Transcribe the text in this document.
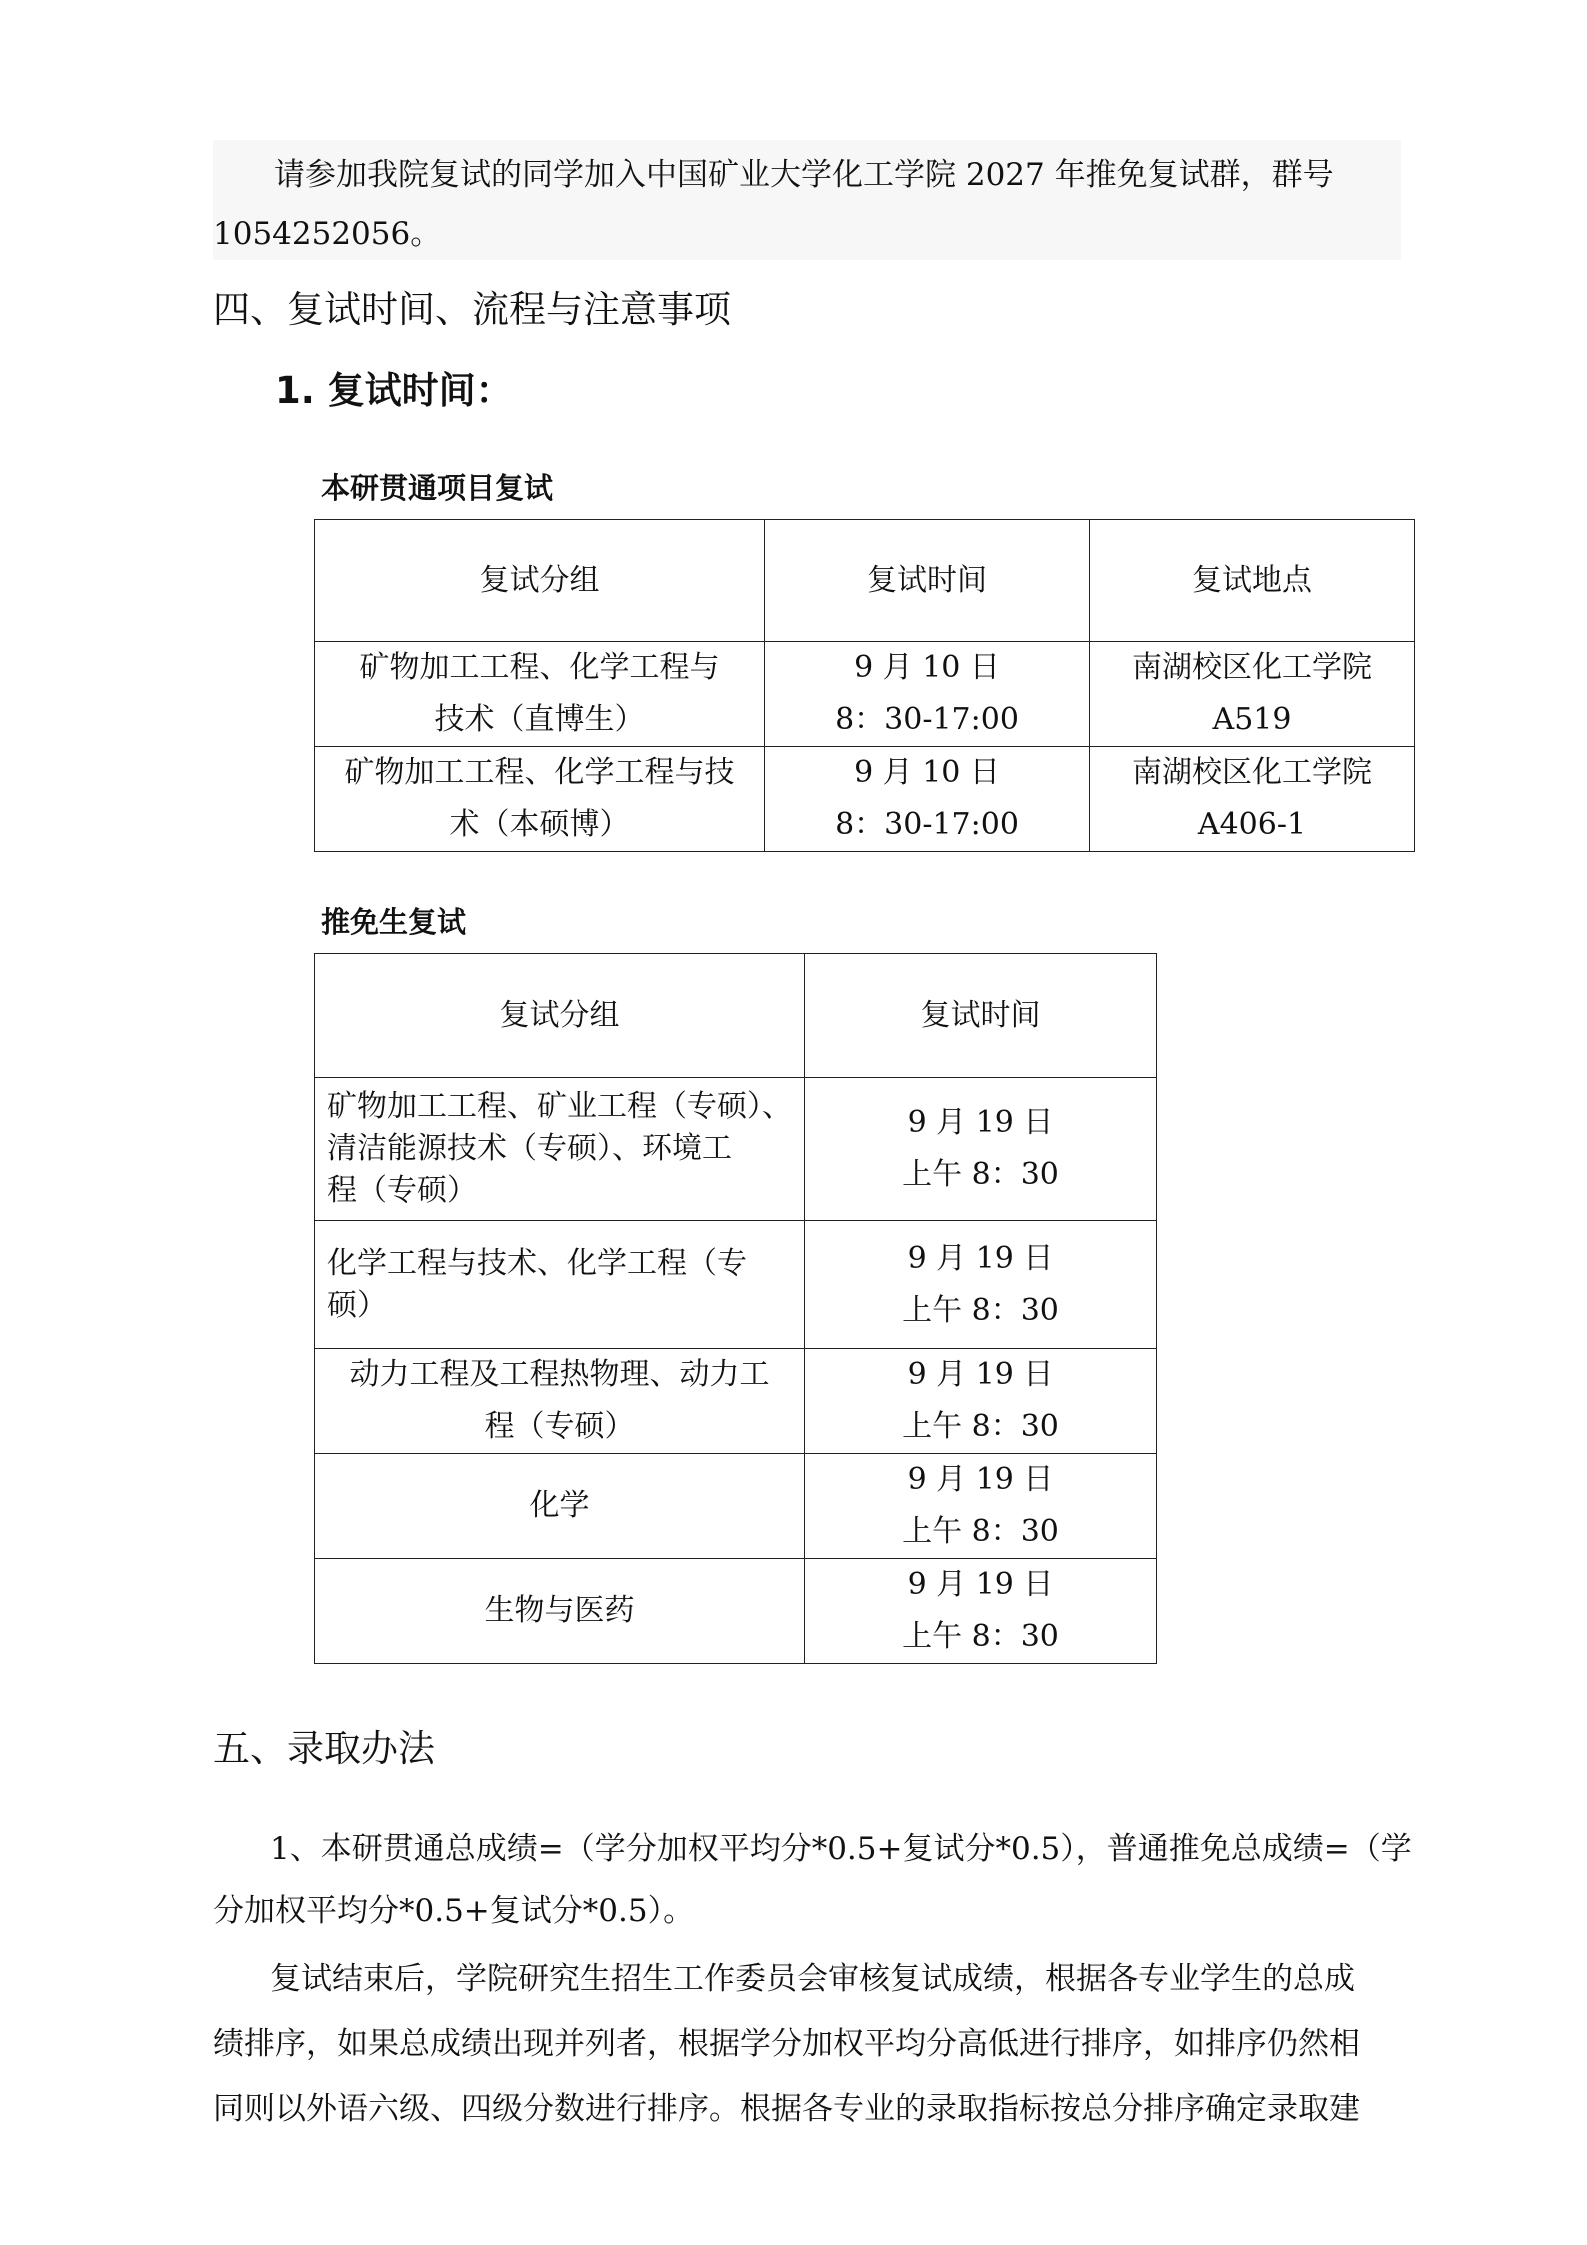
请参加我院复试的同学加入中国矿业大学化工学院 2027 年推免复试群，群号
1054252056。
四、复试时间、流程与注意事项
1. 复试时间：
本研贯通项目复试
复试分组	复试时间	复试地点

矿物加工工程、化学工程与
技术（直博生）	9 月 10 日
8：30-17:00	南湖校区化工学院
A519

矿物加工工程、化学工程与技
术（本硕博）	9 月 10 日
8：30-17:00	南湖校区化工学院
A406-1
推免生复试
复试分组	复试时间

矿物加工工程、矿业工程（专硕）、
清洁能源技术（专硕）、环境工
程（专硕）	9 月 19 日
上午 8：30

化学工程与技术、化学工程（专
硕）	9 月 19 日
上午 8：30

动力工程及工程热物理、动力工
程（专硕）	9 月 19 日
上午 8：30

化学	9 月 19 日
上午 8：30

生物与医药	9 月 19 日
上午 8：30
五、录取办法
1、本研贯通总成绩=（学分加权平均分*0.5+复试分*0.5），普通推免总成绩=（学
分加权平均分*0.5+复试分*0.5）。
复试结束后，学院研究生招生工作委员会审核复试成绩，根据各专业学生的总成
绩排序，如果总成绩出现并列者，根据学分加权平均分高低进行排序，如排序仍然相
同则以外语六级、四级分数进行排序。根据各专业的录取指标按总分排序确定录取建
